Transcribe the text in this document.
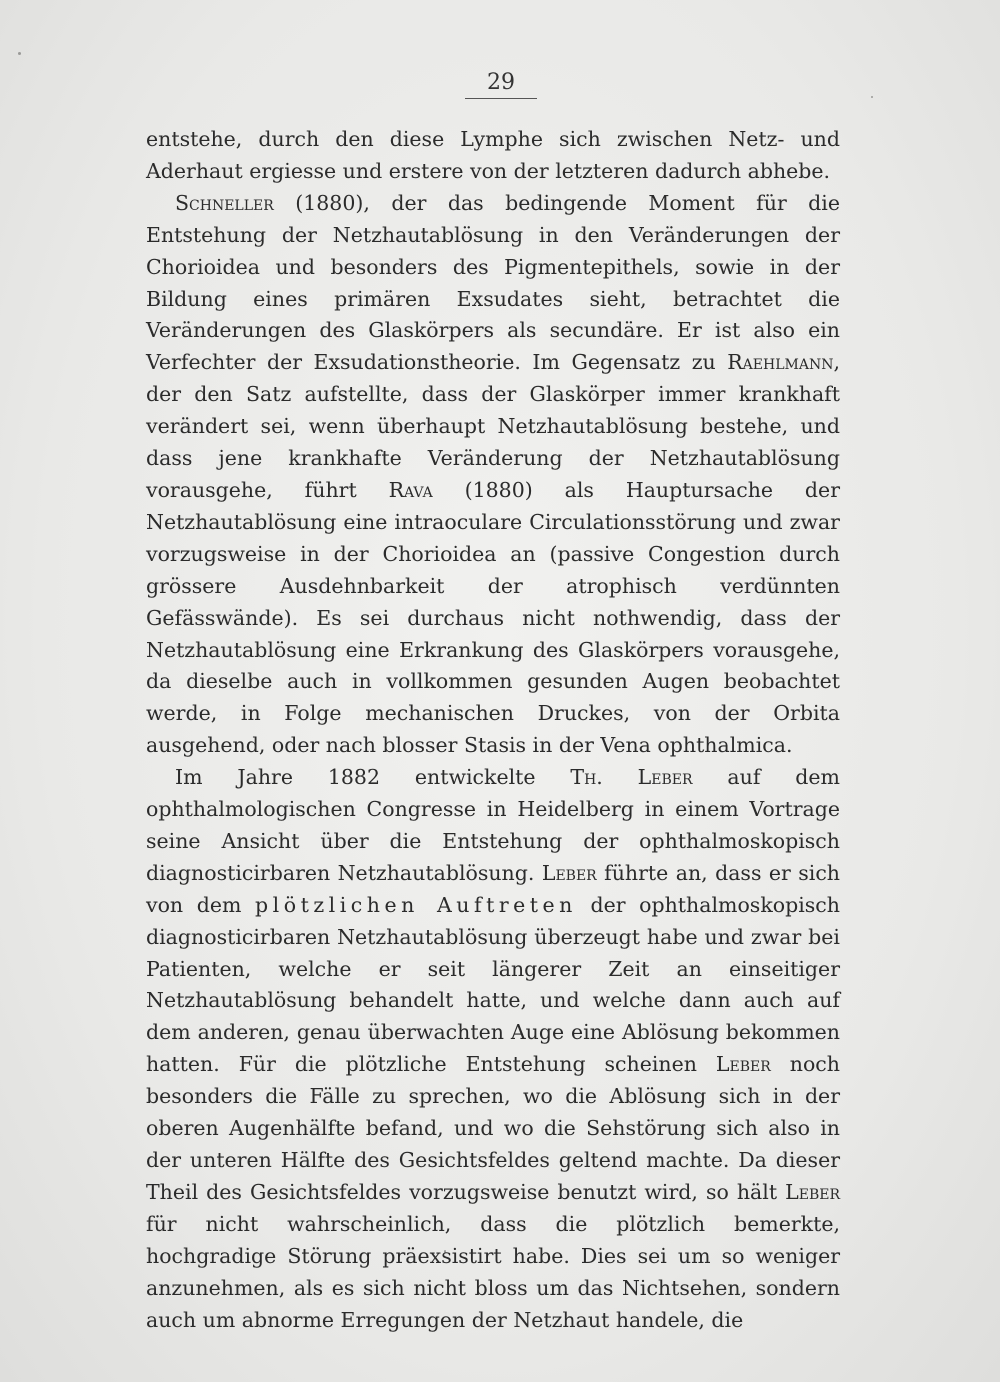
29

entstehe, durch den diese Lymphe sich zwischen Netz- und Aderhaut ergiesse und erstere von der letzteren dadurch abhebe.

Schneller (1880), der das bedingende Moment für die Entstehung der Netzhautablösung in den Veränderungen der Chorioidea und besonders des Pigmentepithels, sowie in der Bildung eines primären Exsudates sieht, betrachtet die Veränderungen des Glaskörpers als secundäre. Er ist also ein Verfechter der Exsudationstheorie. Im Gegensatz zu Raehlmann, der den Satz aufstellte, dass der Glaskörper immer krankhaft verändert sei, wenn überhaupt Netzhautablösung bestehe, und dass jene krankhafte Veränderung der Netzhautablösung vorausgehe, führt Rava (1880) als Hauptursache der Netzhautablösung eine intraoculare Circulationsstörung und zwar vorzugsweise in der Chorioidea an (passive Congestion durch grössere Ausdehnbarkeit der atrophisch verdünnten Gefässwände). Es sei durchaus nicht nothwendig, dass der Netzhautablösung eine Erkrankung des Glaskörpers vorausgehe, da dieselbe auch in vollkommen gesunden Augen beobachtet werde, in Folge mechanischen Druckes, von der Orbita ausgehend, oder nach blosser Stasis in der Vena ophthalmica.

Im Jahre 1882 entwickelte Th. Leber auf dem ophthalmologischen Congresse in Heidelberg in einem Vortrage seine Ansicht über die Entstehung der ophthalmoskopisch diagnosticirbaren Netzhautablösung. Leber führte an, dass er sich von dem plötzlichen Auftreten der ophthalmoskopisch diagnosticirbaren Netzhautablösung überzeugt habe und zwar bei Patienten, welche er seit längerer Zeit an einseitiger Netzhautablösung behandelt hatte, und welche dann auch auf dem anderen, genau überwachten Auge eine Ablösung bekommen hatten. Für die plötzliche Entstehung scheinen Leber noch besonders die Fälle zu sprechen, wo die Ablösung sich in der oberen Augenhälfte befand, und wo die Sehstörung sich also in der unteren Hälfte des Gesichtsfeldes geltend machte. Da dieser Theil des Gesichtsfeldes vorzugsweise benutzt wird, so hält Leber für nicht wahrscheinlich, dass die plötzlich bemerkte, hochgradige Störung präexsistirt habe. Dies sei um so weniger anzunehmen, als es sich nicht bloss um das Nichtsehen, sondern auch um abnorme Erregungen der Netzhaut handele, die
